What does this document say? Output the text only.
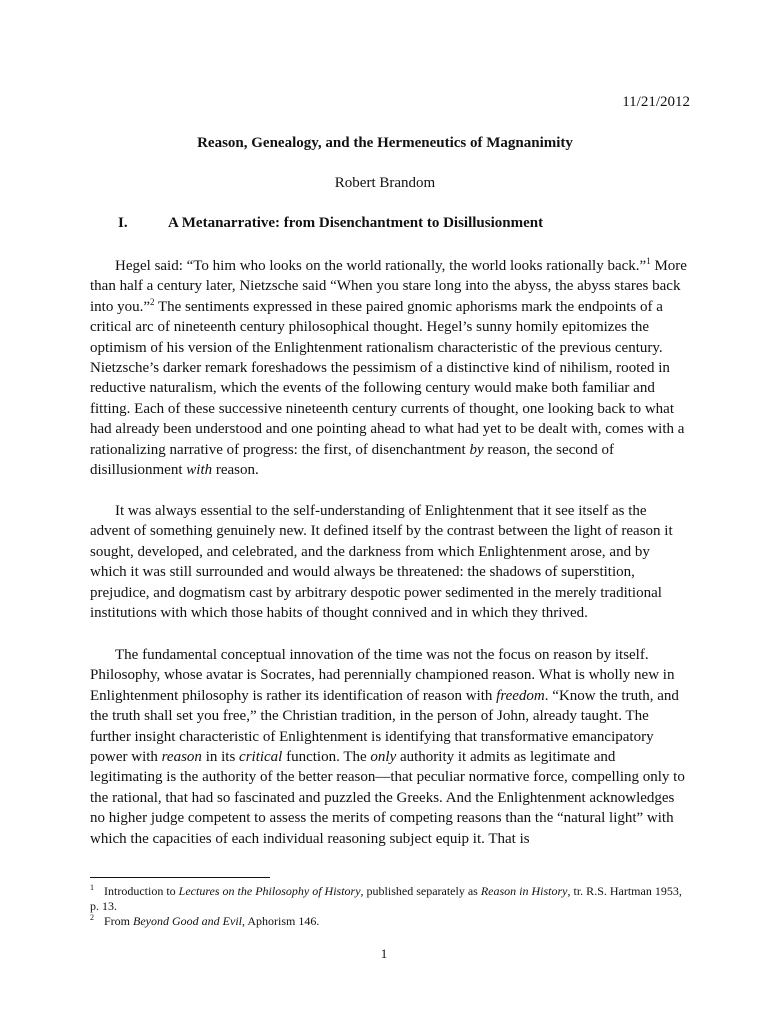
11/21/2012
Reason, Genealogy, and the Hermeneutics of Magnanimity
Robert Brandom
I.	A Metanarrative: from Disenchantment to Disillusionment

Hegel said: “To him who looks on the world rationally, the world looks rationally back.”$^1$ More than half a century later, Nietzsche said “When you stare long into the abyss, the abyss stares back into you.”$^2$ The sentiments expressed in these paired gnomic aphorisms mark the endpoints of a critical arc of nineteenth century philosophical thought. Hegel’s sunny homily epitomizes the optimism of his version of the Enlightenment rationalism characteristic of the previous century. Nietzsche’s darker remark foreshadows the pessimism of a distinctive kind of nihilism, rooted in reductive naturalism, which the events of the following century would make both familiar and fitting. Each of these successive nineteenth century currents of thought, one looking back to what had already been understood and one pointing ahead to what had yet to be dealt with, comes with a rationalizing narrative of progress: the first, of disenchantment by reason, the second of disillusionment with reason.

It was always essential to the self-understanding of Enlightenment that it see itself as the advent of something genuinely new. It defined itself by the contrast between the light of reason it sought, developed, and celebrated, and the darkness from which Enlightenment arose, and by which it was still surrounded and would always be threatened: the shadows of superstition, prejudice, and dogmatism cast by arbitrary despotic power sedimented in the merely traditional institutions with which those habits of thought connived and in which they thrived.

The fundamental conceptual innovation of the time was not the focus on reason by itself. Philosophy, whose avatar is Socrates, had perennially championed reason. What is wholly new in Enlightenment philosophy is rather its identification of reason with freedom. “Know the truth, and the truth shall set you free,” the Christian tradition, in the person of John, already taught. The further insight characteristic of Enlightenment is identifying that transformative emancipatory power with reason in its critical function. The only authority it admits as legitimate and legitimating is the authority of the better reason—that peculiar normative force, compelling only to the rational, that had so fascinated and puzzled the Greeks. And the Enlightenment acknowledges no higher judge competent to assess the merits of competing reasons than the “natural light” with which the capacities of each individual reasoning subject equip it. That is

1 Introduction to Lectures on the Philosophy of History, published separately as Reason in History, tr. R.S. Hartman 1953, p. 13.

2 From Beyond Good and Evil, Aphorism 146.

1
